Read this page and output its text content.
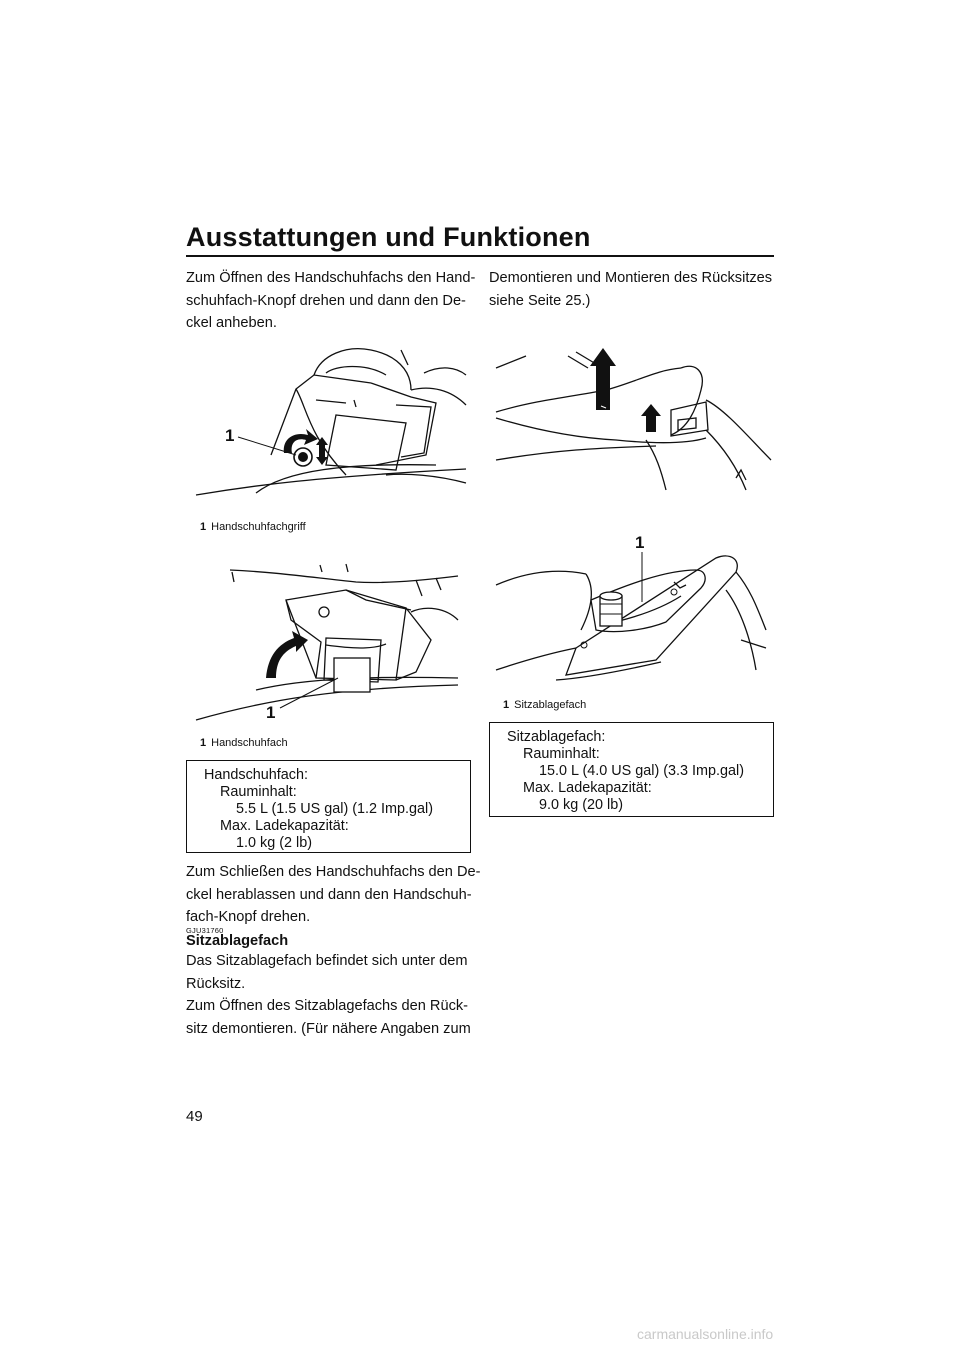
Ausstattungen und Funktionen
Zum Öffnen des Handschuhfachs den Hand-
schuhfach-Knopf drehen und dann den De-
ckel anheben.
1
1 Handschuhfachgriff
1
1 Handschuhfach
Handschuhfach:
Rauminhalt:
5.5 L (1.5 US gal) (1.2 Imp.gal)
Max. Ladekapazität:
1.0 kg (2 lb)
Zum Schließen des Handschuhfachs den De-
ckel herablassen und dann den Handschuh-
fach-Knopf drehen.
GJU31760
Sitzablagefach
Das Sitzablagefach befindet sich unter dem
Rücksitz.
Zum Öffnen des Sitzablagefachs den Rück-
sitz demontieren. (Für nähere Angaben zum
Demontieren und Montieren des Rücksitzes
siehe Seite 25.)
1
1 Sitzablagefach
Sitzablagefach:
Rauminhalt:
15.0 L (4.0 US gal) (3.3 Imp.gal)
Max. Ladekapazität:
9.0 kg (20 lb)
49
carmanualsonline.info
